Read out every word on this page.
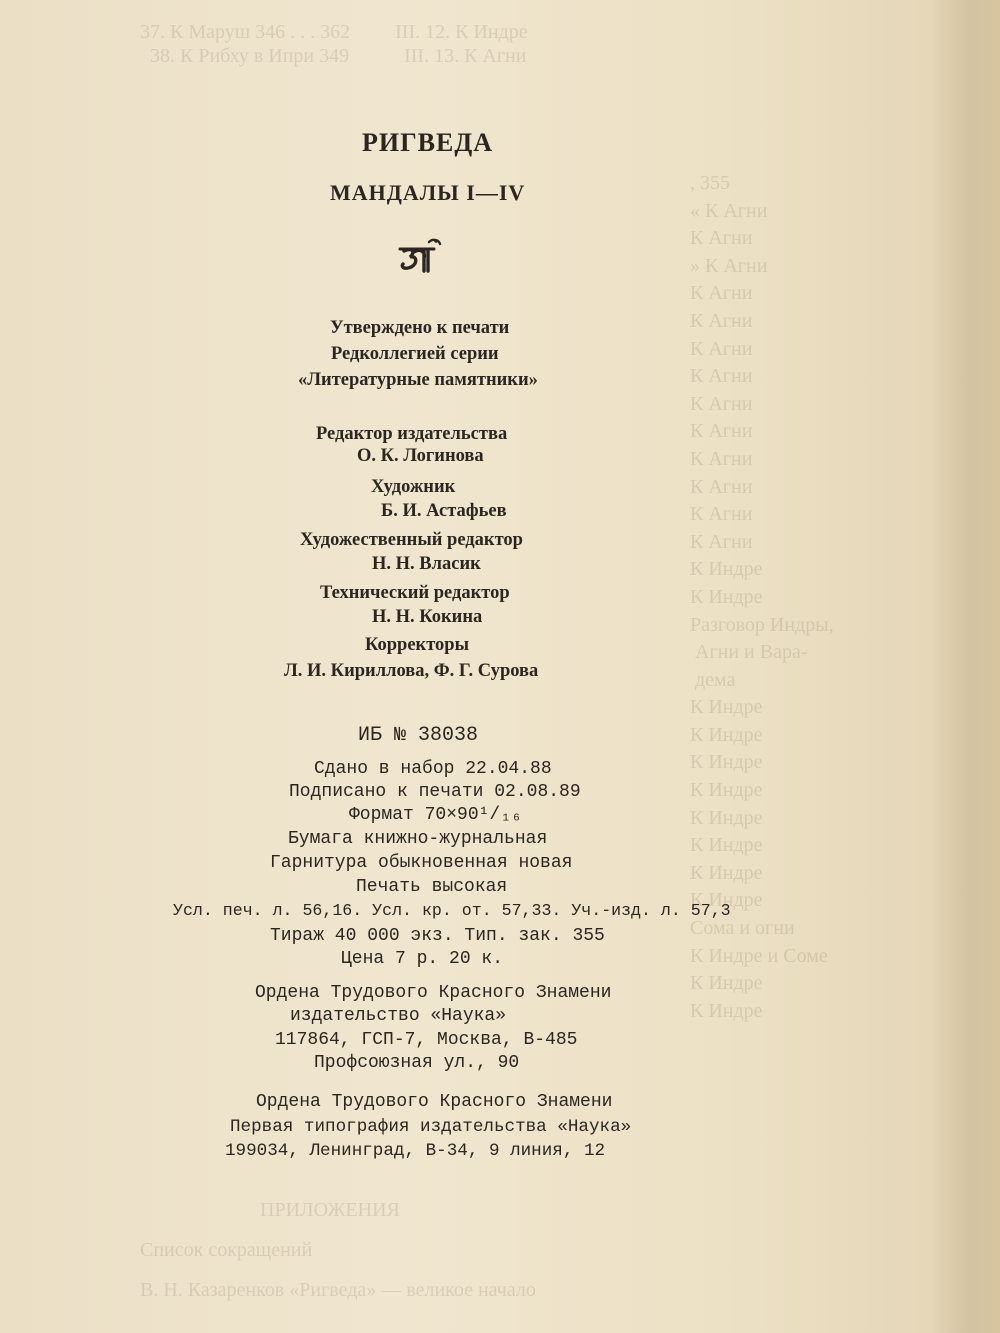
37. К Маруш 346 . . . 362         III. 12. К Индре
38. К Рибху в Ипри 349           III. 13. К Агни
, 355
« К Агни
К Агни
» К Агни
К Агни
К Агни
К Агни
К Агни
К Агни
К Агни
К Агни
К Агни
К Агни
К Агни
К Индре
К Индре
Разговор Индры,
Агни и Вара-
дема
К Индре
К Индре
К Индре
К Индре
К Индре
К Индре
К Индре
К Индре
Сома и огни
К Индре и Соме
К Индре
К Индре
ПРИЛОЖЕНИЯ
Список сокращений
В. Н. Казаренков «Ригведа» — великое начало
РИГВЕДА
МАНДАЛЫ I—IV
Утверждено к печати
Редколлегией серии
«Литературные памятники»
Редактор издательства
О. К. Логинова
Художник
Б. И. Астафьев
Художественный редактор
Н. Н. Власик
Технический редактор
Н. Н. Кокина
Корректоры
Л. И. Кириллова, Ф. Г. Сурова
ИБ № 38038
Сдано в набор 22.04.88
Подписано к печати 02.08.89
Формат 70×90¹/₁₆
Бумага книжно-журнальная
Гарнитура обыкновенная новая
Печать высокая
Усл. печ. л. 56,16. Усл. кр. от. 57,33. Уч.-изд. л. 57,3
Тираж 40 000 экз. Тип. зак. 355
Цена 7 р. 20 к.
Ордена Трудового Красного Знамени
издательство «Наука»
117864, ГСП-7, Москва, В-485
Профсоюзная ул., 90
Ордена Трудового Красного Знамени
Первая типография издательства «Наука»
199034, Ленинград, В-34, 9 линия, 12
